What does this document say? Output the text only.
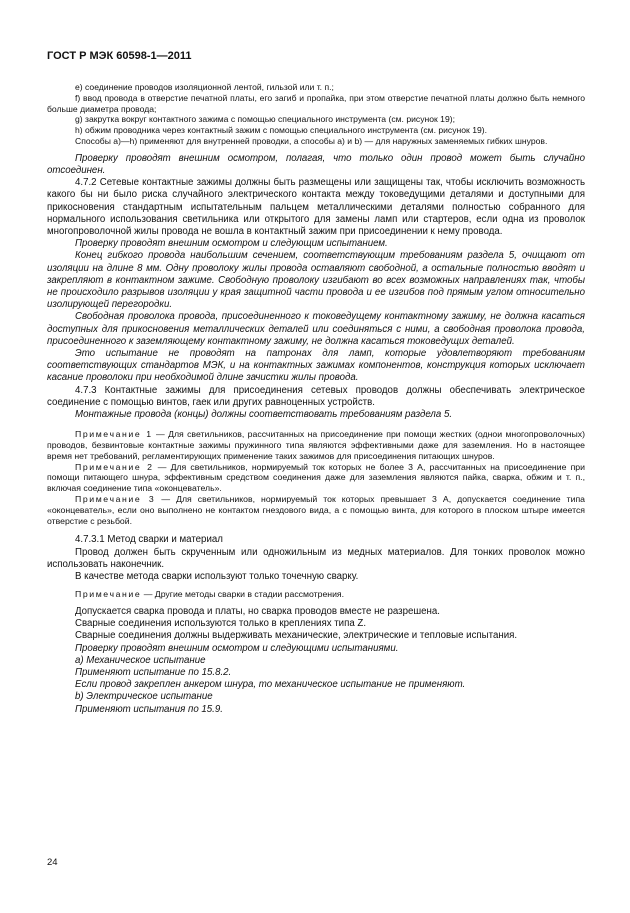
ГОСТ Р МЭК 60598-1—2011

е) соединение проводов изоляционной лентой, гильзой или т. п.;

f) ввод провода в отверстие печатной платы, его загиб и пропайка, при этом отверстие печатной платы должно быть немного больше диаметра провода;

g) закрутка вокруг контактного зажима с помощью специального инструмента (см. рисунок 19);

h) обжим проводника через контактный зажим с помощью специального инструмента (см. рисунок 19).

Способы а)—h) применяют для внутренней проводки, а способы а) и b) — для наружных заменяемых гибких шнуров.

Проверку проводят внешним осмотром, полагая, что только один провод может быть случайно отсоединен.

4.7.2 Сетевые контактные зажимы должны быть размещены или защищены так, чтобы исключить возможность какого бы ни было риска случайного электрического контакта между токоведущими деталями и доступными для прикосновения стандартным испытательным пальцем металлическими деталями полностью собранного для нормального использования светильника или открытого для замены ламп или стартеров, если одна из проволок многопроволочной жилы провода не вошла в контактный зажим при присоединении к нему провода.

Проверку проводят внешним осмотром и следующим испытанием.

Конец гибкого провода наибольшим сечением, соответствующим требованиям раздела 5, очищают от изоляции на длине 8 мм. Одну проволоку жилы провода оставляют свободной, а остальные полностью вводят и закрепляют в контактном зажиме. Свободную проволоку изгибают во всех возможных направлениях так, чтобы не происходило разрывов изоляции у края защитной части провода и ее изгибов под прямым углом относительно изолирующей перегородки.

Свободная проволока провода, присоединенного к токоведущему контактному зажиму, не должна касаться доступных для прикосновения металлических деталей или соединяться с ними, а свободная проволока провода, присоединенного к заземляющему контактному зажиму, не должна касаться токоведущих деталей.

Это испытание не проводят на патронах для ламп, которые удовлетворяют требованиям соответствующих стандартов МЭК, и на контактных зажимах компонентов, конструкция которых исключает касание проволоки при необходимой длине зачистки жилы провода.

4.7.3 Контактные зажимы для присоединения сетевых проводов должны обеспечивать электрическое соединение с помощью винтов, гаек или других равноценных устройств.

Монтажные провода (концы) должны соответствовать требованиям раздела 5.

Примечание 1 — Для светильников, рассчитанных на присоединение при помощи жестких (однои многопроволочных) проводов, безвинтовые контактные зажимы пружинного типа являются эффективными даже для заземления. Но в настоящее время нет требований, регламентирующих применение таких зажимов для присоединения питающих шнуров.

Примечание 2 — Для светильников, нормируемый ток которых не более 3 А, рассчитанных на присоединение при помощи питающего шнура, эффективным средством соединения даже для заземления являются пайка, сварка, обжим и т. п., включая соединение типа «оконцеватель».

Примечание 3 — Для светильников, нормируемый ток которых превышает 3 А, допускается соединение типа «оконцеватель», если оно выполнено не контактом гнездового вида, а с помощью винта, для которого в плоском штыре имеется отверстие с резьбой.

4.7.3.1 Метод сварки и материал

Провод должен быть скрученным или одножильным из медных материалов. Для тонких проволок можно использовать наконечник.

В качестве метода сварки используют только точечную сварку.

Примечание — Другие методы сварки в стадии рассмотрения.

Допускается сварка провода и платы, но сварка проводов вместе не разрешена.

Сварные соединения используются только в креплениях типа Z.

Сварные соединения должны выдерживать механические, электрические и тепловые испытания.

Проверку проводят внешним осмотром и следующими испытаниями.

a) Механическое испытание

Применяют испытание по 15.8.2.

Если провод закреплен анкером шнура, то механическое испытание не применяют.

b) Электрическое испытание

Применяют испытания по 15.9.

24
